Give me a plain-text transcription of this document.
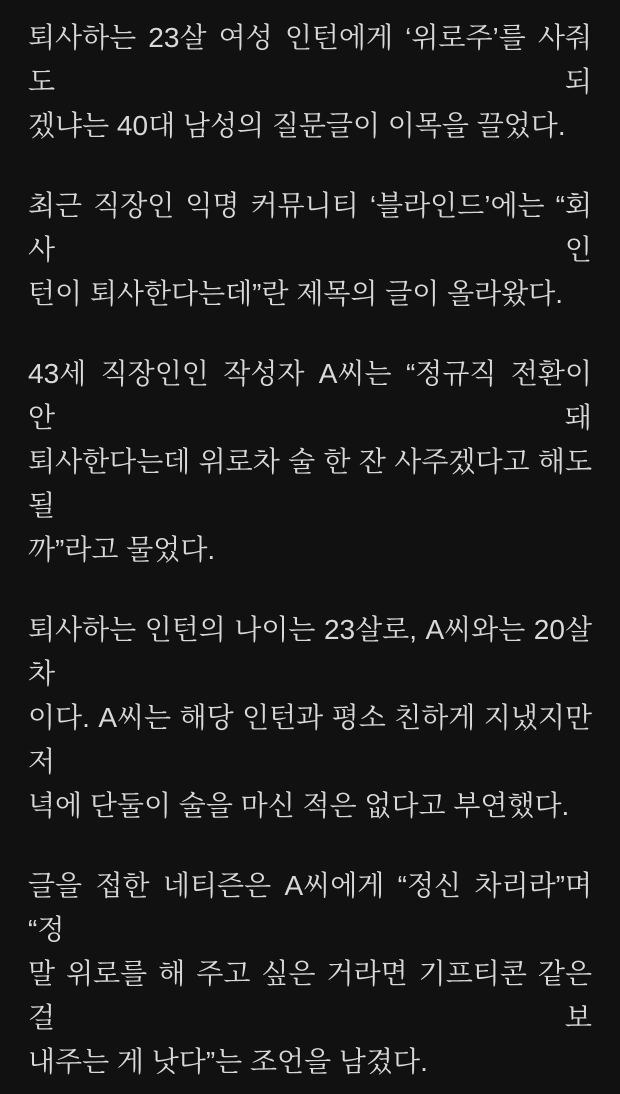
퇴사하는 23살 여성 인턴에게 ‘위로주’를 사줘도 되
겠냐는 40대 남성의 질문글이 이목을 끌었다.

최근 직장인 익명 커뮤니티 ‘블라인드’에는 “회사 인
턴이 퇴사한다는데”란 제목의 글이 올라왔다.

43세 직장인인 작성자 A씨는 “정규직 전환이 안 돼
퇴사한다는데 위로차 술 한 잔 사주겠다고 해도 될
까”라고 물었다.

퇴사하는 인턴의 나이는 23살로, A씨와는 20살 차
이다. A씨는 해당 인턴과 평소 친하게 지냈지만 저
녁에 단둘이 술을 마신 적은 없다고 부연했다.

글을 접한 네티즌은 A씨에게 “정신 차리라”며 “정
말 위로를 해 주고 싶은 거라면 기프티콘 같은 걸 보
내주는 게 낫다”는 조언을 남겼다.
